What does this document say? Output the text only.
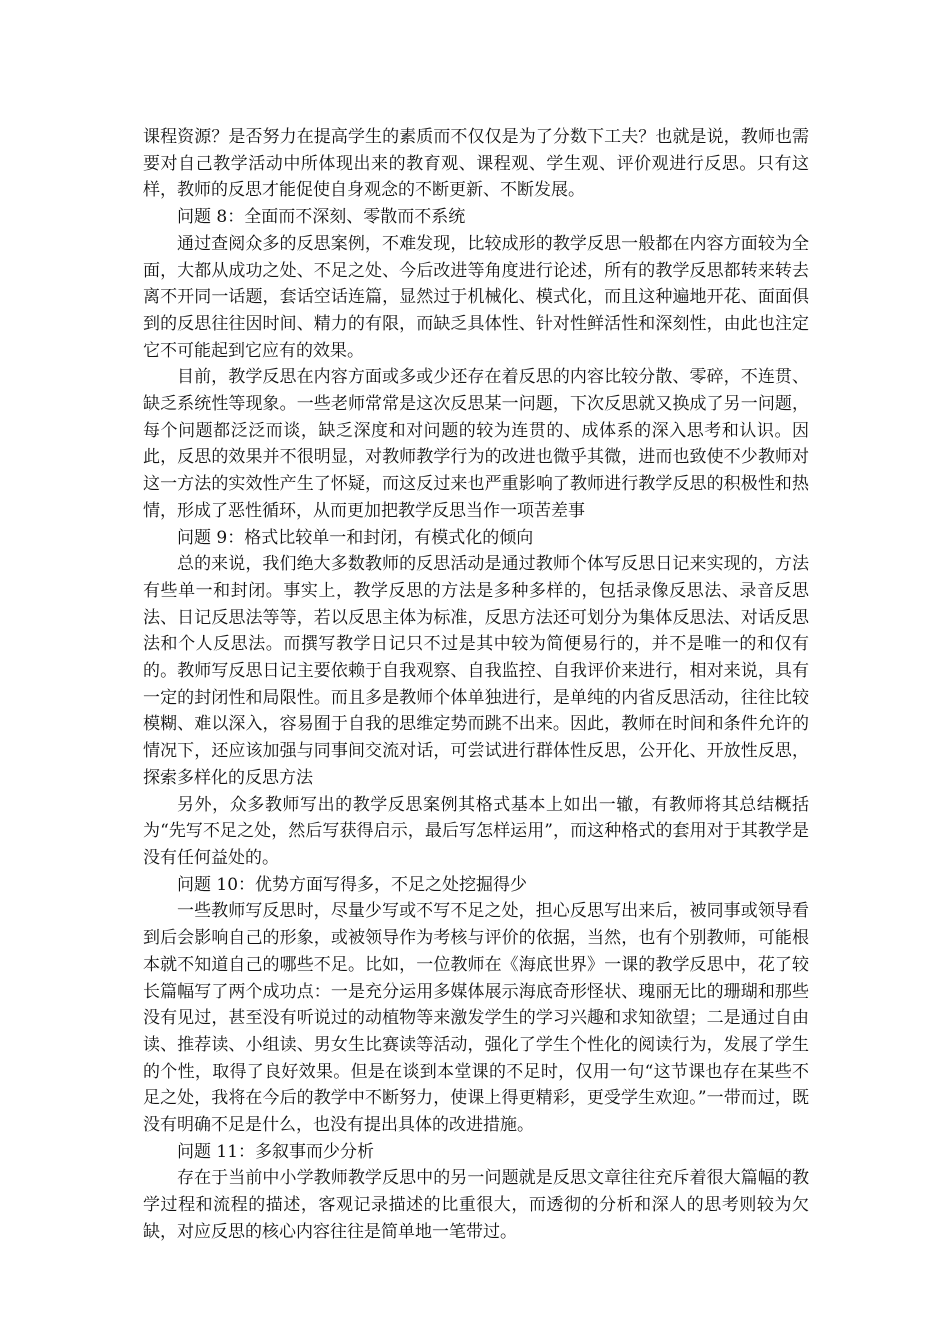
课程资源？是否努力在提高学生的素质而不仅仅是为了分数下工夫？也就是说，教师也需要对自己教学活动中所体现出来的教育观、课程观、学生观、评价观进行反思。只有这样，教师的反思才能促使自身观念的不断更新、不断发展。

问题 8：全面而不深刻、零散而不系统

通过查阅众多的反思案例，不难发现，比较成形的教学反思一般都在内容方面较为全面，大都从成功之处、不足之处、今后改进等角度进行论述，所有的教学反思都转来转去离不开同一话题，套话空话连篇，显然过于机械化、模式化，而且这种遍地开花、面面俱到的反思往往因时间、精力的有限，而缺乏具体性、针对性鲜活性和深刻性，由此也注定它不可能起到它应有的效果。

目前，教学反思在内容方面或多或少还存在着反思的内容比较分散、零碎，不连贯、缺乏系统性等现象。一些老师常常是这次反思某一问题，下次反思就又换成了另一问题，每个问题都泛泛而谈，缺乏深度和对问题的较为连贯的、成体系的深入思考和认识。因此，反思的效果并不很明显，对教师教学行为的改进也微乎其微，进而也致使不少教师对这一方法的实效性产生了怀疑，而这反过来也严重影响了教师进行教学反思的积极性和热情，形成了恶性循环，从而更加把教学反思当作一项苦差事

问题 9：格式比较单一和封闭，有模式化的倾向

总的来说，我们绝大多数教师的反思活动是通过教师个体写反思日记来实现的，方法有些单一和封闭。事实上，教学反思的方法是多种多样的，包括录像反思法、录音反思法、日记反思法等等，若以反思主体为标准，反思方法还可划分为集体反思法、对话反思法和个人反思法。而撰写教学日记只不过是其中较为简便易行的，并不是唯一的和仅有的。教师写反思日记主要依赖于自我观察、自我监控、自我评价来进行，相对来说，具有一定的封闭性和局限性。而且多是教师个体单独进行，是单纯的内省反思活动，往往比较模糊、难以深入，容易囿于自我的思维定势而跳不出来。因此，教师在时间和条件允许的情况下，还应该加强与同事间交流对话，可尝试进行群体性反思，公开化、开放性反思，探索多样化的反思方法

另外，众多教师写出的教学反思案例其格式基本上如出一辙，有教师将其总结概括为“先写不足之处，然后写获得启示，最后写怎样运用”，而这种格式的套用对于其教学是没有任何益处的。

问题 10：优势方面写得多，不足之处挖掘得少

一些教师写反思时，尽量少写或不写不足之处，担心反思写出来后，被同事或领导看到后会影响自己的形象，或被领导作为考核与评价的依据，当然，也有个别教师，可能根本就不知道自己的哪些不足。比如，一位教师在《海底世界》一课的教学反思中，花了较长篇幅写了两个成功点：一是充分运用多媒体展示海底奇形怪状、瑰丽无比的珊瑚和那些没有见过，甚至没有听说过的动植物等来激发学生的学习兴趣和求知欲望；二是通过自由读、推荐读、小组读、男女生比赛读等活动，强化了学生个性化的阅读行为，发展了学生的个性，取得了良好效果。但是在谈到本堂课的不足时，仅用一句“这节课也存在某些不足之处，我将在今后的教学中不断努力，使课上得更精彩，更受学生欢迎。”一带而过，既没有明确不足是什么，也没有提出具体的改进措施。

问题 11：多叙事而少分析

存在于当前中小学教师教学反思中的另一问题就是反思文章往往充斥着很大篇幅的教学过程和流程的描述，客观记录描述的比重很大，而透彻的分析和深人的思考则较为欠缺，对应反思的核心内容往往是简单地一笔带过。
